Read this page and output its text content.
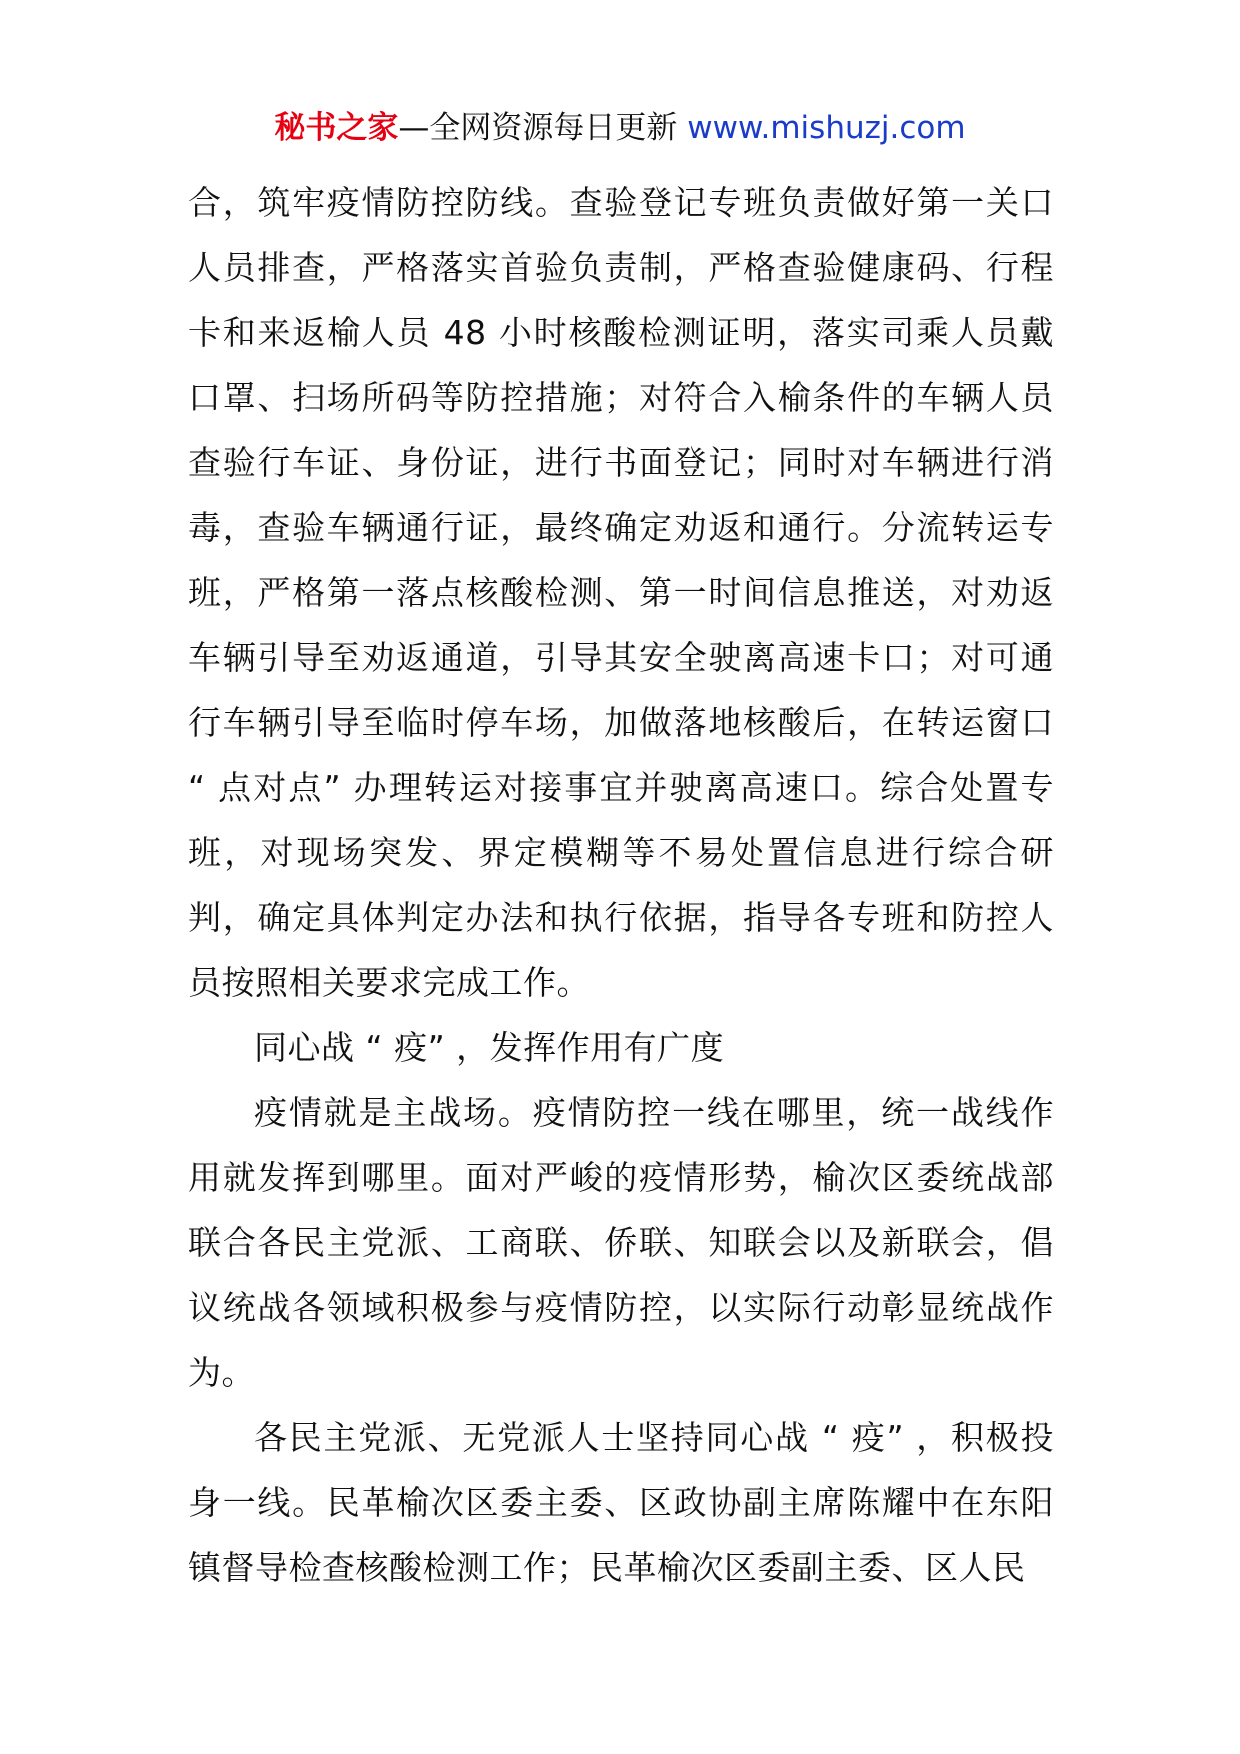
秘书之家—全网资源每日更新 www.mishuzj.com

合，筑牢疫情防控防线。查验登记专班负责做好第一关口人员排查，严格落实首验负责制，严格查验健康码、行程卡和来返榆人员 48 小时核酸检测证明，落实司乘人员戴口罩、扫场所码等防控措施；对符合入榆条件的车辆人员查验行车证、身份证，进行书面登记；同时对车辆进行消毒，查验车辆通行证，最终确定劝返和通行。分流转运专班，严格第一落点核酸检测、第一时间信息推送，对劝返车辆引导至劝返通道，引导其安全驶离高速卡口；对可通行车辆引导至临时停车场，加做落地核酸后，在转运窗口 “ 点对点” 办理转运对接事宜并驶离高速口。综合处置专班，对现场突发、界定模糊等不易处置信息进行综合研判，确定具体判定办法和执行依据，指导各专班和防控人员按照相关要求完成工作。

同心战 “ 疫” ，发挥作用有广度

疫情就是主战场。疫情防控一线在哪里，统一战线作用就发挥到哪里。面对严峻的疫情形势，榆次区委统战部联合各民主党派、工商联、侨联、知联会以及新联会，倡议统战各领域积极参与疫情防控，以实际行动彰显统战作为。

各民主党派、无党派人士坚持同心战 “ 疫” ，积极投身一线。民革榆次区委主委、区政协副主席陈耀中在东阳镇督导检查核酸检测工作；民革榆次区委副主委、区人民
